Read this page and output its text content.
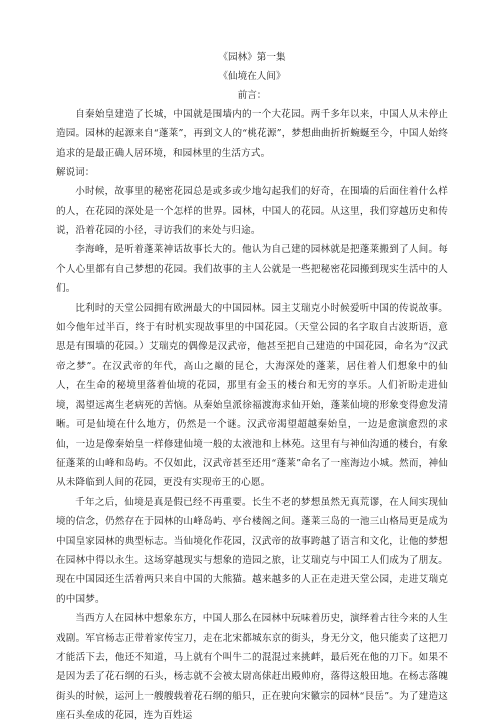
《园林》第一集

《仙境在人间》

前言：

自秦始皇建造了长城，中国就是围墙内的一个大花园。两千多年以来，中国人从未停止造园。园林的起源来自“蓬莱”，再到文人的“桃花源”，梦想曲曲折折蜿蜒至今，中国人始终追求的是最正确人居环境，和园林里的生活方式。

解说词：

小时候，故事里的秘密花园总是或多或少地勾起我们的好奇，在围墙的后面住着什么样的人，在花园的深处是一个怎样的世界。园林，中国人的花园。从这里，我们穿越历史和传说，沿着花园的小径，寻访我们的来处与归途。

李海峰，是听着蓬莱神话故事长大的。他认为自己建的园林就是把蓬莱搬到了人间。每个人心里都有自己梦想的花园。我们故事的主人公就是一些把秘密花园搬到现实生活中的人们。

比利时的天堂公园拥有欧洲最大的中国园林。园主艾瑞克小时候爱听中国的传说故事。如今他年过半百，终于有时机实现故事里的中国花园。（天堂公园的名字取自古波斯语，意思是有围墙的花园。）艾瑞克的偶像是汉武帝，他甚至把自己建造的中国花园，命名为“汉武帝之梦”。在汉武帝的年代，高山之巅的昆仑，大海深处的蓬莱，居住着人们想象中的仙人，在生命的秘境里落着仙境的花园，那里有金玉的楼台和无穷的享乐。人们祈盼走进仙境，渴望远离生老病死的苦恼。从秦始皇派徐福渡海求仙开始，蓬莱仙境的形象变得愈发清晰。可是仙境在什么地方，仍然是一个谜。汉武帝渴望超越秦始皇，一边是愈演愈烈的求仙，一边是像秦始皇一样修建仙境一般的太液池和上林苑。这里有与神仙沟通的楼台，有象征蓬莱的山峰和岛屿。不仅如此，汉武帝甚至还用“蓬莱”命名了一座海边小城。然而，神仙从未降临到人间的花园，更没有实现帝王的心愿。

千年之后，仙境是真是假已经不再重要。长生不老的梦想虽然无真荒谬，在人间实现仙境的信念，仍然存在于园林的山峰岛屿、亭台楼阁之间。蓬莱三岛的一池三山格局更是成为中国皇家园林的典型标志。当仙境化作花园，汉武帝的故事跨越了语言和文化，让他的梦想在园林中得以永生。这场穿越现实与想象的造园之旅，让艾瑞克与中国工人们成为了朋友。现在中国园还生活着两只来自中国的大熊猫。越来越多的人正在走进天堂公园，走进艾瑞克的中国梦。

当西方人在园林中想象东方，中国人那么在园林中玩味着历史，演绎着古往今来的人生戏剧。军官杨志正带着家传宝刀，走在北宋都城东京的街头，身无分文，他只能卖了这把刀才能活下去，他还不知道，马上就有个叫牛二的混混过来挑衅，最后死在他的刀下。如果不是因为丢了花石纲的石头，杨志就不会被太尉高俅赶出殿帅府，落得这般田地。在杨志落魄街头的时候，运河上一艘艘载着花石纲的船只，正在驶向宋徽宗的园林“艮岳”。为了建造这座石头垒成的花园，连为百姓运
